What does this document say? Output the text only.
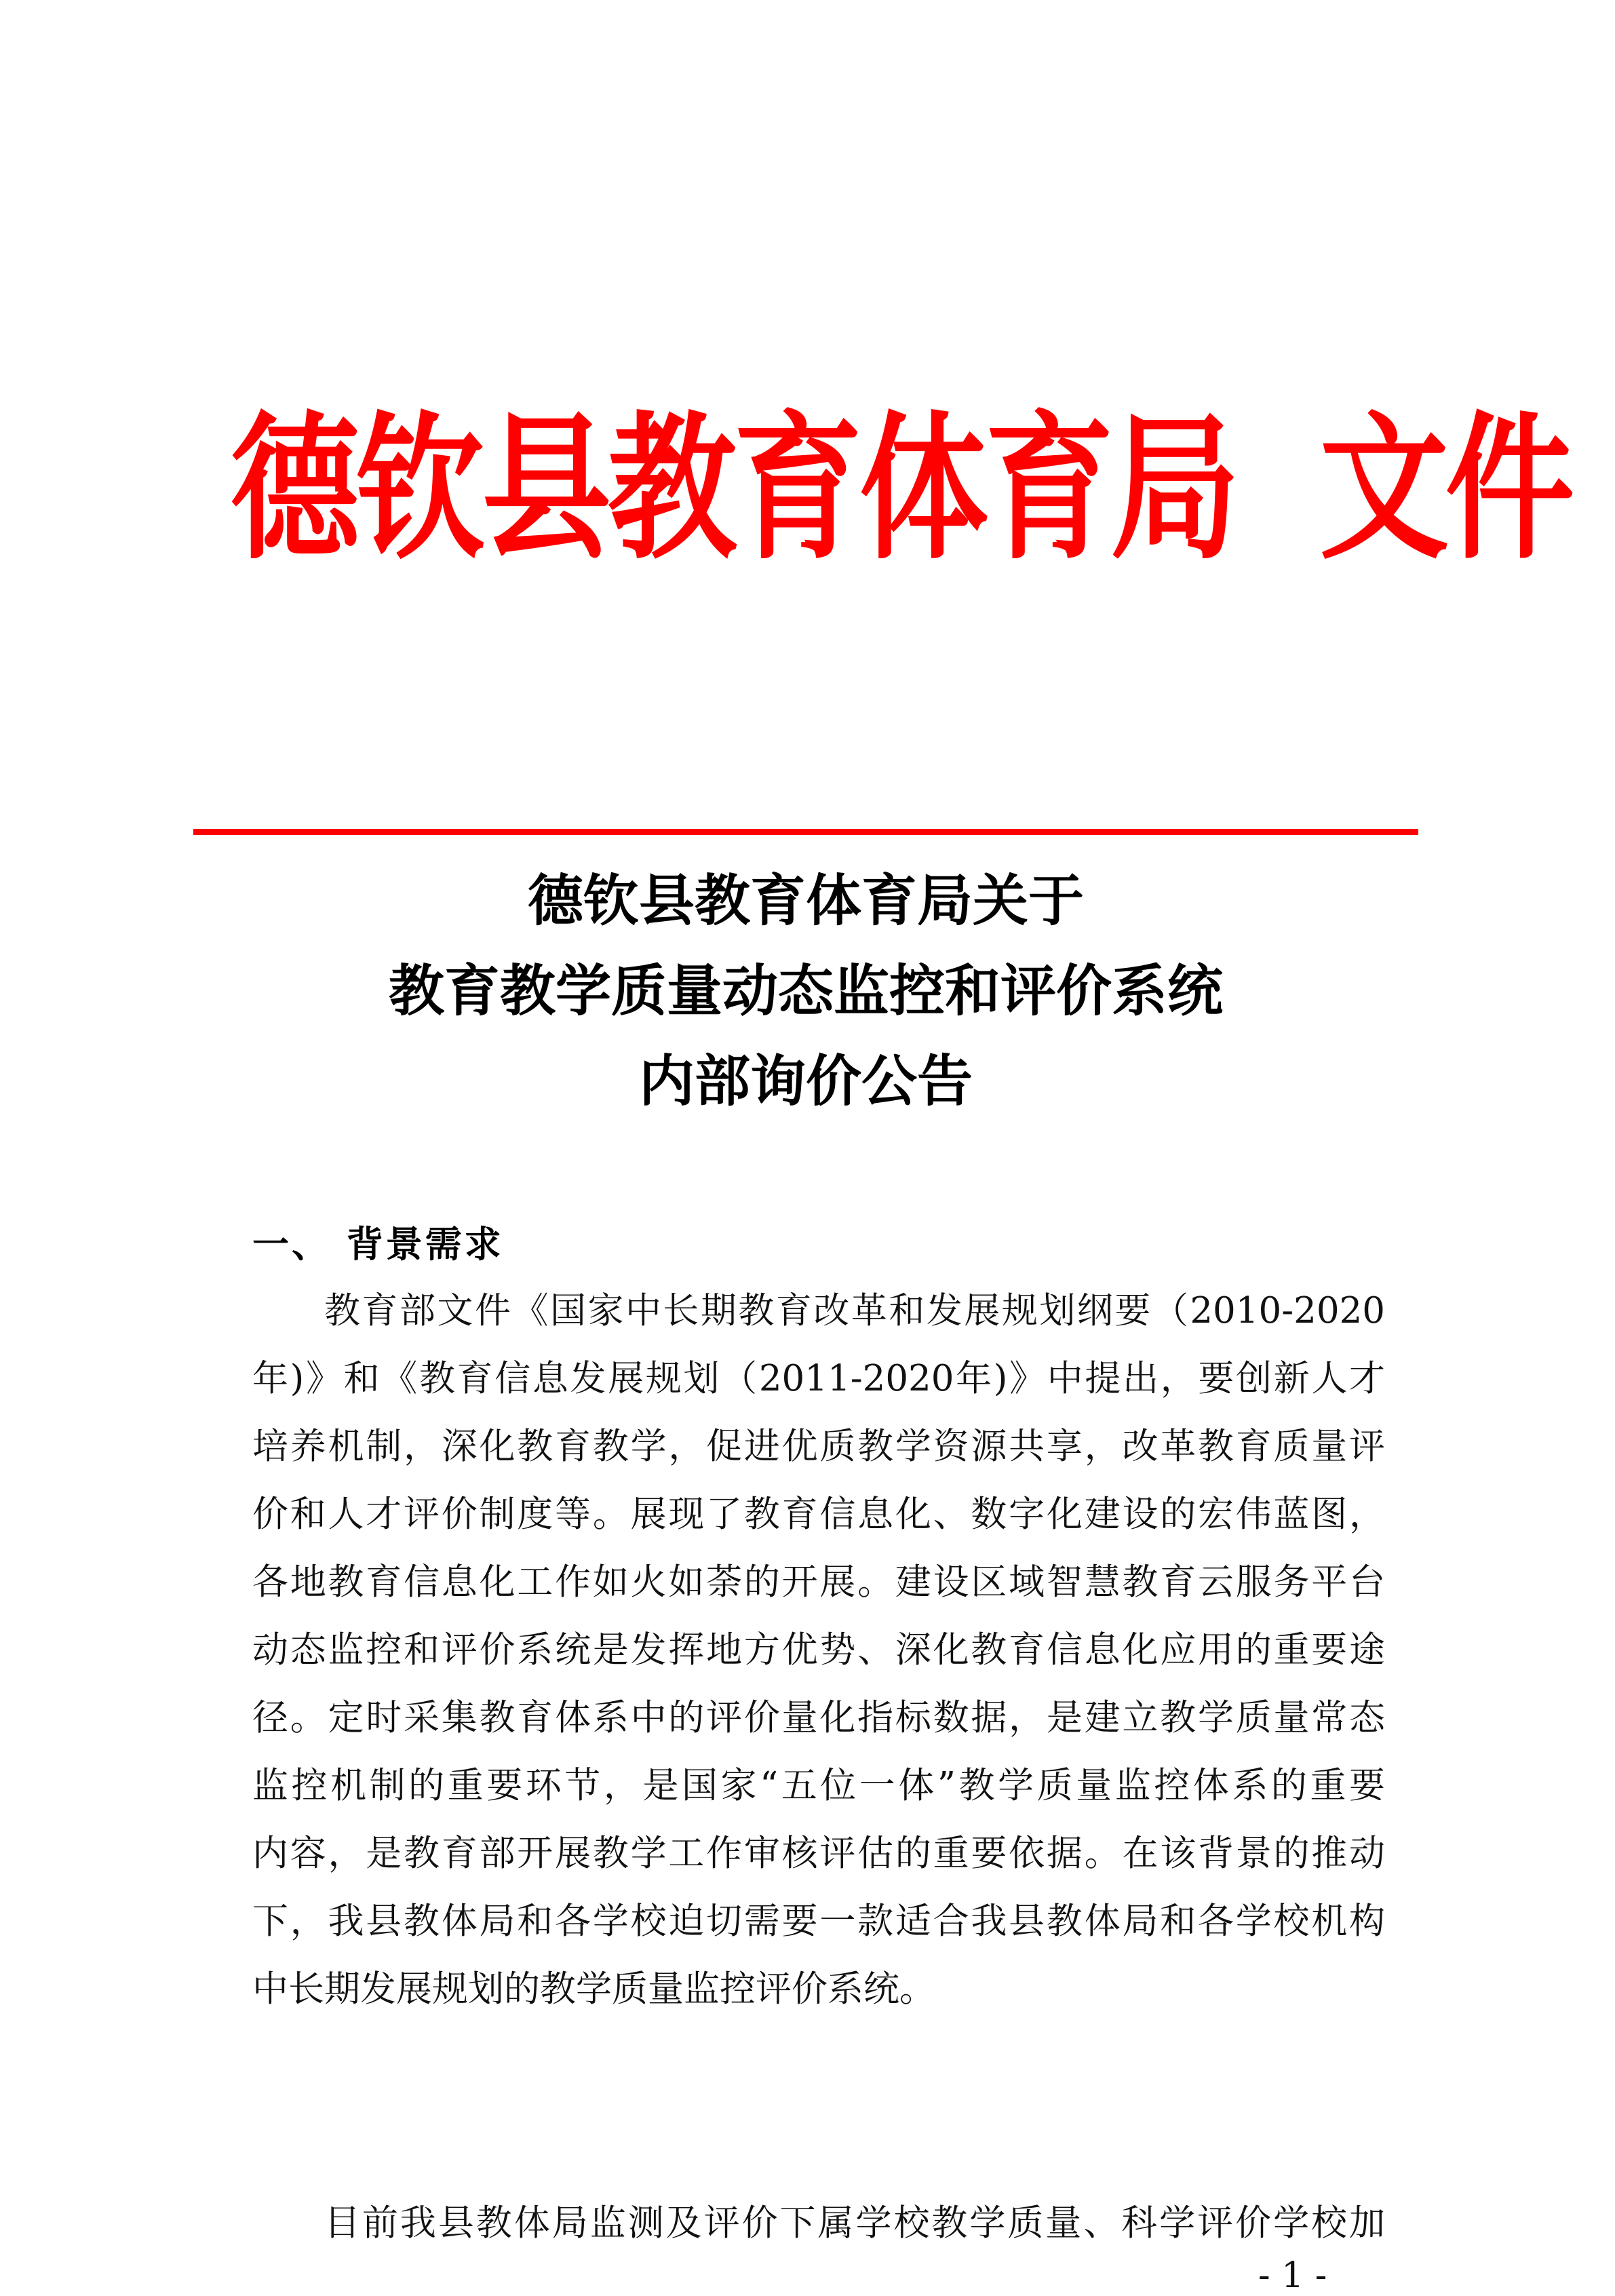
德钦县教育体育局 文件
德钦县教育体育局关于
教育教学质量动态监控和评价系统
内部询价公告
一、 背景需求
教育部文件《国家中长期教育改革和发展规划纲要（2010-2020
年)》和《教育信息发展规划（2011-2020年)》中提出，要创新人才
培养机制，深化教育教学，促进优质教学资源共享，改革教育质量评
价和人才评价制度等。展现了教育信息化、数字化建设的宏伟蓝图，
各地教育信息化工作如火如荼的开展。建设区域智慧教育云服务平台
动态监控和评价系统是发挥地方优势、深化教育信息化应用的重要途
径。定时采集教育体系中的评价量化指标数据，是建立教学质量常态
监控机制的重要环节，是国家“五位一体”教学质量监控体系的重要
内容，是教育部开展教学工作审核评估的重要依据。在该背景的推动
下，我县教体局和各学校迫切需要一款适合我县教体局和各学校机构
中长期发展规划的教学质量监控评价系统。
目前我县教体局监测及评价下属学校教学质量、科学评价学校加
- 1 -
